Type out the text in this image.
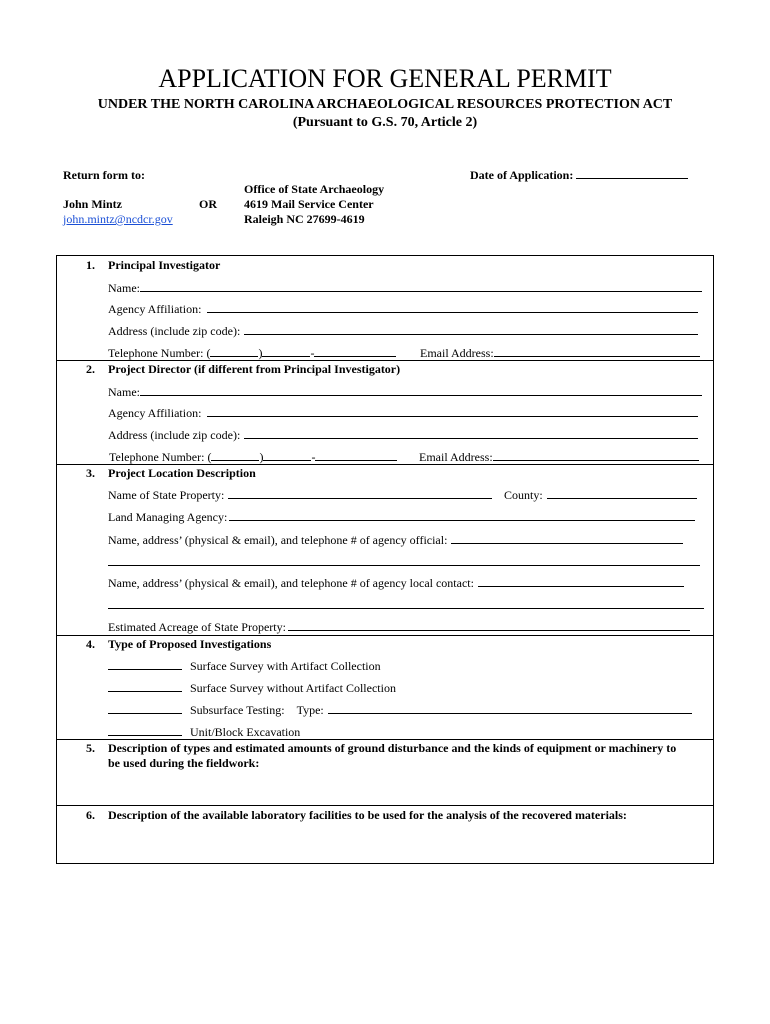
APPLICATION FOR GENERAL PERMIT
UNDER THE NORTH CAROLINA ARCHAEOLOGICAL RESOURCES PROTECTION ACT
(Pursuant to G.S. 70, Article 2)
Return form to:	Date of Application:
Office of State Archaeology
John Mintz	OR 4619 Mail Service Center
john.mintz@ncdcr.gov	Raleigh NC 27699-4619
1. Principal Investigator
Name:
Agency Affiliation:
Address (include zip code):
Telephone Number: (	)	-	Email Address:
2. Project Director (if different from Principal Investigator)
Name:
Agency Affiliation:
Address (include zip code):
Telephone Number: (	)	-	Email Address:
3. Project Location Description
Name of State Property:	County:
Land Managing Agency:
Name, address’ (physical & email), and telephone # of agency official:
Name, address’ (physical & email), and telephone # of agency local contact:
Estimated Acreage of State Property:
4. Type of Proposed Investigations
Surface Survey with Artifact Collection
Surface Survey without Artifact Collection
Subsurface Testing: Type:
Unit/Block Excavation
5. Description of types and estimated amounts of ground disturbance and the kinds of equipment or machinery to
be used during the fieldwork:
6. Description of the available laboratory facilities to be used for the analysis of the recovered materials:
